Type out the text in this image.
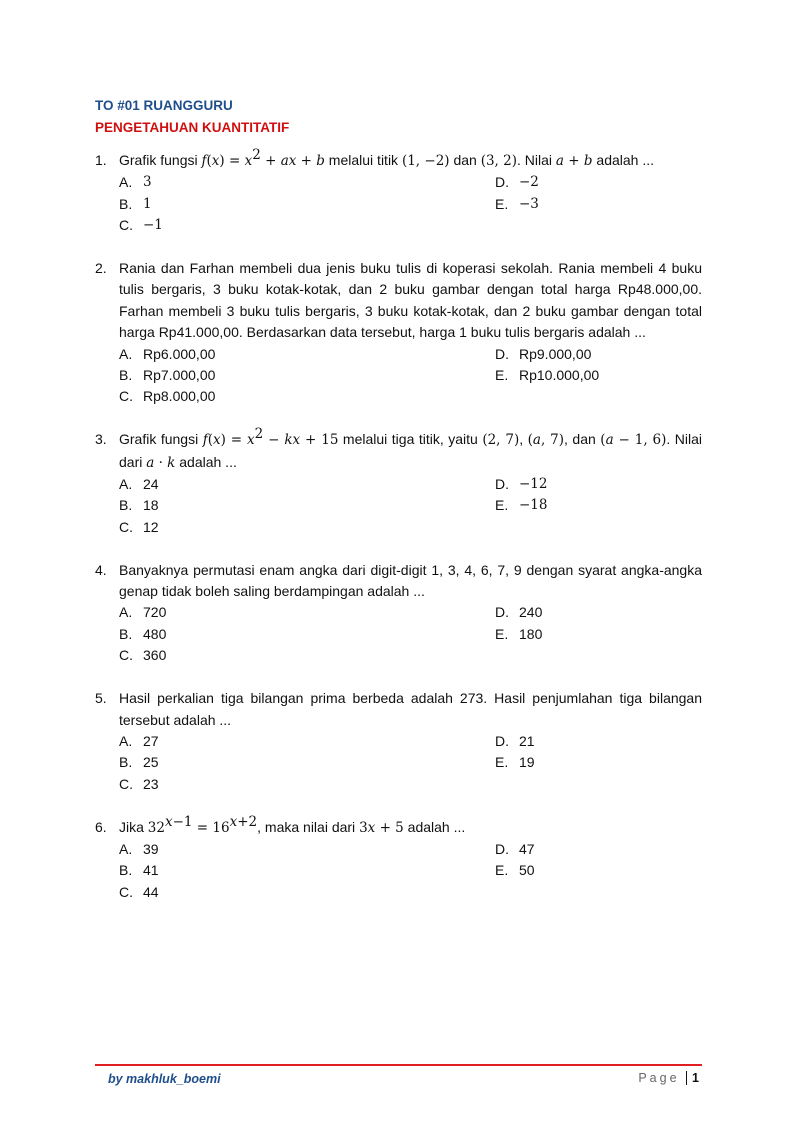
TO #01 RUANGGURU
PENGETAHUAN KUANTITATIF
1. Grafik fungsi $f(x) = x^2$ + ax + b melalui titik (1, −2) dan (3, 2). Nilai a + b adalah ...
A. 3	D. −2
B. 1	E. −3
C. −1
2. Rania dan Farhan membeli dua jenis buku tulis di koperasi sekolah. Rania membeli 4 buku tulis bergaris, 3 buku kotak-kotak, dan 2 buku gambar dengan total harga Rp48.000,00. Farhan membeli 3 buku tulis bergaris, 3 buku kotak-kotak, dan 2 buku gambar dengan total harga Rp41.000,00. Berdasarkan data tersebut, harga 1 buku tulis bergaris adalah ...
A. Rp6.000,00	D. Rp9.000,00
B. Rp7.000,00	E. Rp10.000,00
C. Rp8.000,00
3. Grafik fungsi $f(x) = x^2$ − kx + 15 melalui tiga titik, yaitu (2, 7), (a, 7), dan (a − 1, 6). Nilai dari a · k adalah ...
A. 24	D. −12
B. 18	E. −18
C. 12
4. Banyaknya permutasi enam angka dari digit-digit 1, 3, 4, 6, 7, 9 dengan syarat angka-angka genap tidak boleh saling berdampingan adalah ...
A. 720	D. 240
B. 480	E. 180
C. 360
5. Hasil perkalian tiga bilangan prima berbeda adalah 273. Hasil penjumlahan tiga bilangan tersebut adalah ...
A. 27	D. 21
B. 25	E. 19
C. 23
6. Jika $32^{x-1} = 16^{x+2}$, maka nilai dari 3x + 5 adalah ...
A. 39	D. 47
B. 41	E. 50
C. 44
by makhluk_boemi	Page 1
